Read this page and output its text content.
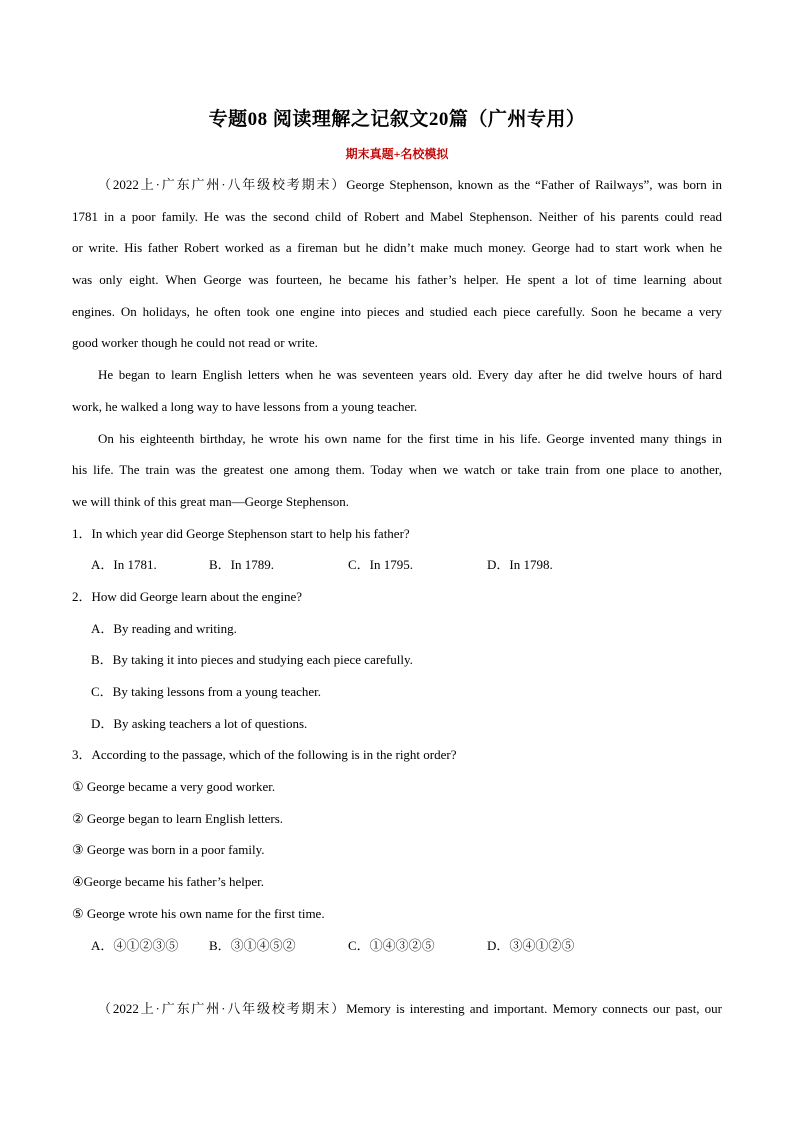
专题08 阅读理解之记叙文20篇（广州专用）
期末真题+名校模拟
（2022上·广东广州·八年级校考期末）George Stephenson, known as the “Father of Railways”, was born in
1781 in a poor family. He was the second child of Robert and Mabel Stephenson. Neither of his parents could read
or write. His father Robert worked as a fireman but he didn’t make much money. George had to start work when he
was only eight. When George was fourteen, he became his father’s helper. He spent a lot of time learning about
engines. On holidays, he often took one engine into pieces and studied each piece carefully. Soon he became a very
good worker though he could not read or write.
He began to learn English letters when he was seventeen years old. Every day after he did twelve hours of hard
work, he walked a long way to have lessons from a young teacher.
On his eighteenth birthday, he wrote his own name for the first time in his life. George invented many things in
his life. The train was the greatest one among them. Today when we watch or take train from one place to another,
we will think of this great man—George Stephenson.
1．In which year did George Stephenson start to help his father?
A．In 1781.	B．In 1789.	C．In 1795.	D．In 1798.
2．How did George learn about the engine?
A．By reading and writing.
B．By taking it into pieces and studying each piece carefully.
C．By taking lessons from a young teacher.
D．By asking teachers a lot of questions.
3．According to the passage, which of the following is in the right order?
① George became a very good worker.
② George began to learn English letters.
③ George was born in a poor family.
④George became his father’s helper.
⑤ George wrote his own name for the first time.
A．④①②③⑤	B．③①④⑤②	C．①④③②⑤	D．③④①②⑤
（2022上·广东广州·八年级校考期末）Memory is interesting and important. Memory connects our past, our
